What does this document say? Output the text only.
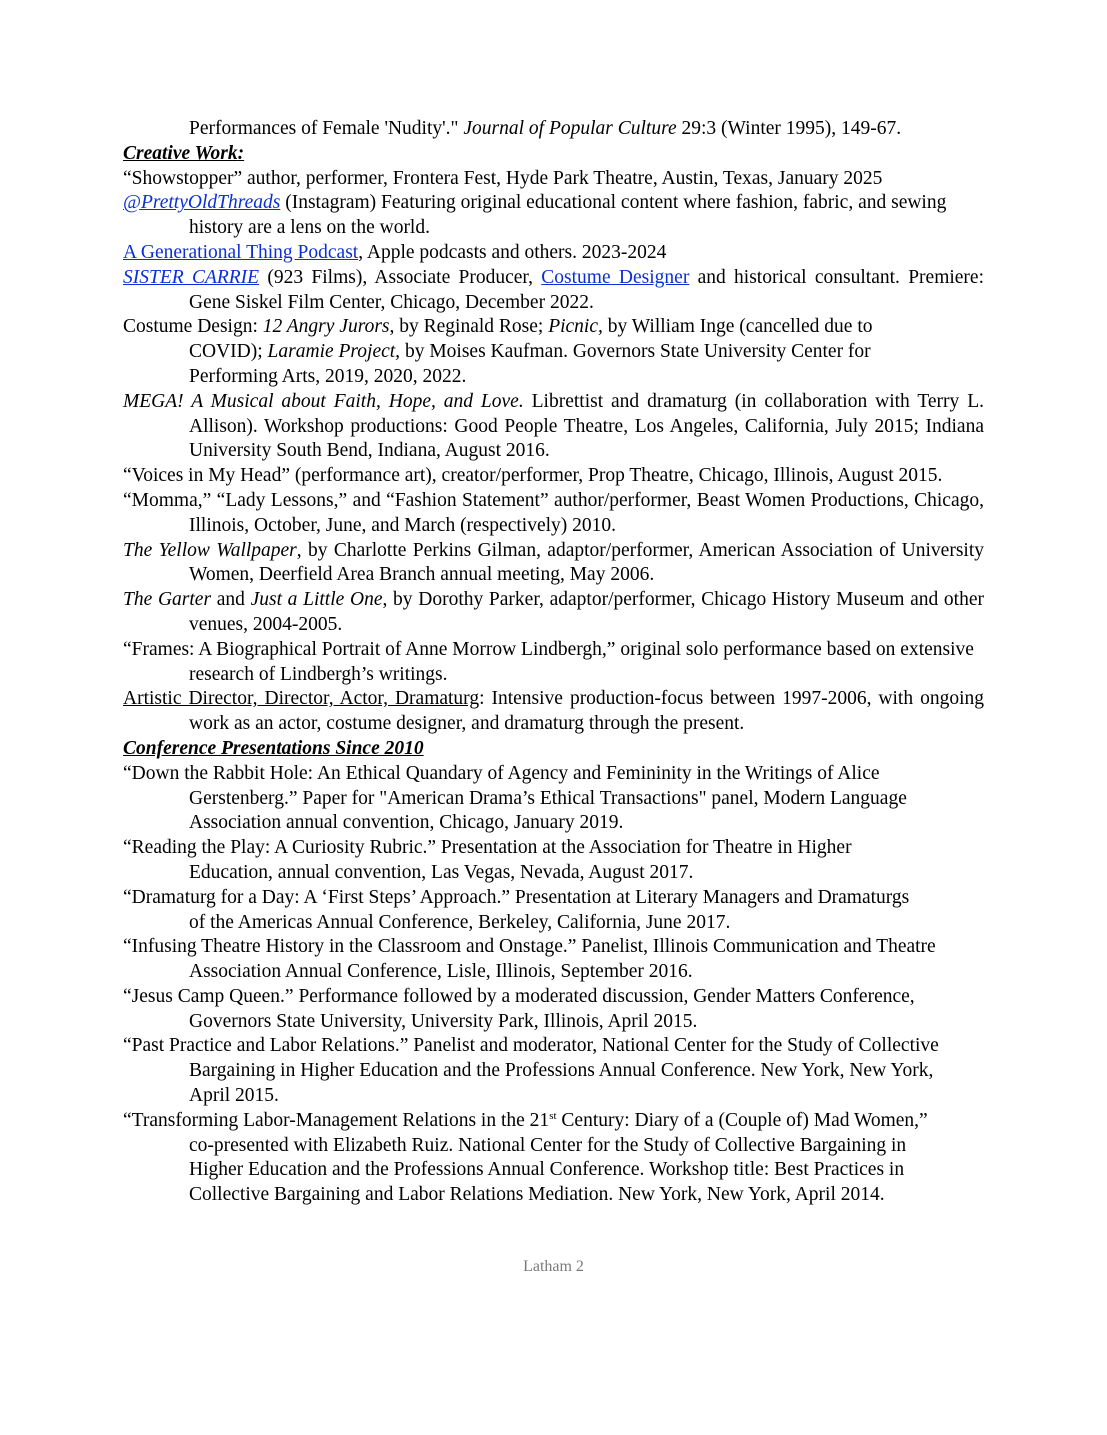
Performances of Female 'Nudity'." Journal of Popular Culture 29:3 (Winter 1995), 149-67.

Creative Work:

“Showstopper” author, performer, Frontera Fest, Hyde Park Theatre, Austin, Texas, January 2025

@PrettyOldThreads (Instagram) Featuring original educational content where fashion, fabric, and sewing history are a lens on the world.

A Generational Thing Podcast, Apple podcasts and others. 2023-2024

SISTER CARRIE (923 Films), Associate Producer, Costume Designer and historical consultant. Premiere: Gene Siskel Film Center, Chicago, December 2022.

Costume Design: 12 Angry Jurors, by Reginald Rose; Picnic, by William Inge (cancelled due to COVID); Laramie Project, by Moises Kaufman. Governors State University Center for Performing Arts, 2019, 2020, 2022.

MEGA! A Musical about Faith, Hope, and Love. Librettist and dramaturg (in collaboration with Terry L. Allison). Workshop productions: Good People Theatre, Los Angeles, California, July 2015; Indiana University South Bend, Indiana, August 2016.

“Voices in My Head” (performance art), creator/performer, Prop Theatre, Chicago, Illinois, August 2015.

“Momma,” “Lady Lessons,” and “Fashion Statement” author/performer, Beast Women Productions, Chicago, Illinois, October, June, and March (respectively) 2010.

The Yellow Wallpaper, by Charlotte Perkins Gilman, adaptor/performer, American Association of University Women, Deerfield Area Branch annual meeting, May 2006.

The Garter and Just a Little One, by Dorothy Parker, adaptor/performer, Chicago History Museum and other venues, 2004-2005.

“Frames: A Biographical Portrait of Anne Morrow Lindbergh,” original solo performance based on extensive research of Lindbergh’s writings.

Artistic Director, Director, Actor, Dramaturg: Intensive production-focus between 1997-2006, with ongoing work as an actor, costume designer, and dramaturg through the present.

Conference Presentations Since 2010

“Down the Rabbit Hole: An Ethical Quandary of Agency and Femininity in the Writings of Alice Gerstenberg.” Paper for "American Drama’s Ethical Transactions" panel, Modern Language Association annual convention, Chicago, January 2019.

“Reading the Play: A Curiosity Rubric.” Presentation at the Association for Theatre in Higher Education, annual convention, Las Vegas, Nevada, August 2017.

“Dramaturg for a Day: A ‘First Steps’ Approach.” Presentation at Literary Managers and Dramaturgs of the Americas Annual Conference, Berkeley, California, June 2017.

“Infusing Theatre History in the Classroom and Onstage.” Panelist, Illinois Communication and Theatre Association Annual Conference, Lisle, Illinois, September 2016.

“Jesus Camp Queen.” Performance followed by a moderated discussion, Gender Matters Conference, Governors State University, University Park, Illinois, April 2015.

“Past Practice and Labor Relations.” Panelist and moderator, National Center for the Study of Collective Bargaining in Higher Education and the Professions Annual Conference. New York, New York, April 2015.

“Transforming Labor-Management Relations in the 21st Century: Diary of a (Couple of) Mad Women,” co-presented with Elizabeth Ruiz. National Center for the Study of Collective Bargaining in Higher Education and the Professions Annual Conference. Workshop title: Best Practices in Collective Bargaining and Labor Relations Mediation. New York, New York, April 2014.

Latham 2
